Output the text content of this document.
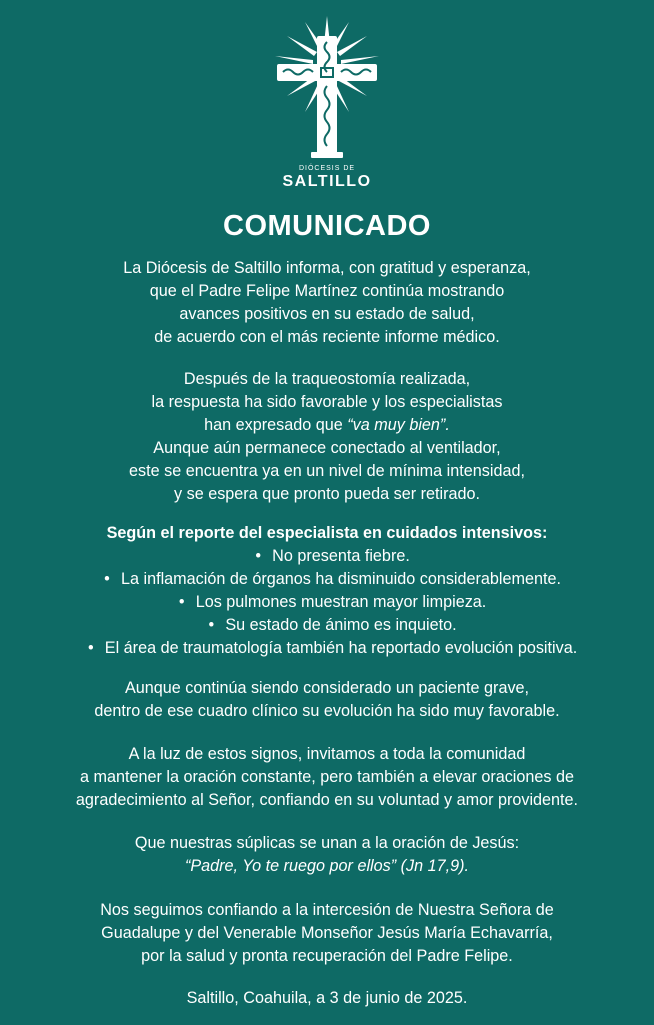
DIÓCESIS DE
SALTILLO
COMUNICADO

La Diócesis de Saltillo informa, con gratitud y esperanza,

que el Padre Felipe Martínez continúa mostrando

avances positivos en su estado de salud,

de acuerdo con el más reciente informe médico.

Después de la traqueostomía realizada,

la respuesta ha sido favorable y los especialistas

han expresado que “va muy bien”.

Aunque aún permanece conectado al ventilador,

este se encuentra ya en un nivel de mínima intensidad,

y se espera que pronto pueda ser retirado.

Según el reporte del especialista en cuidados intensivos:

• No presenta fiebre.

• La inflamación de órganos ha disminuido considerablemente.

• Los pulmones muestran mayor limpieza.

• Su estado de ánimo es inquieto.

• El área de traumatología también ha reportado evolución positiva.

Aunque continúa siendo considerado un paciente grave,

dentro de ese cuadro clínico su evolución ha sido muy favorable.

A la luz de estos signos, invitamos a toda la comunidad

a mantener la oración constante, pero también a elevar oraciones de

agradecimiento al Señor, confiando en su voluntad y amor providente.

Que nuestras súplicas se unan a la oración de Jesús:

“Padre, Yo te ruego por ellos” (Jn 17,9).

Nos seguimos confiando a la intercesión de Nuestra Señora de

Guadalupe y del Venerable Monseñor Jesús María Echavarría,

por la salud y pronta recuperación del Padre Felipe.

Saltillo, Coahuila, a 3 de junio de 2025.
